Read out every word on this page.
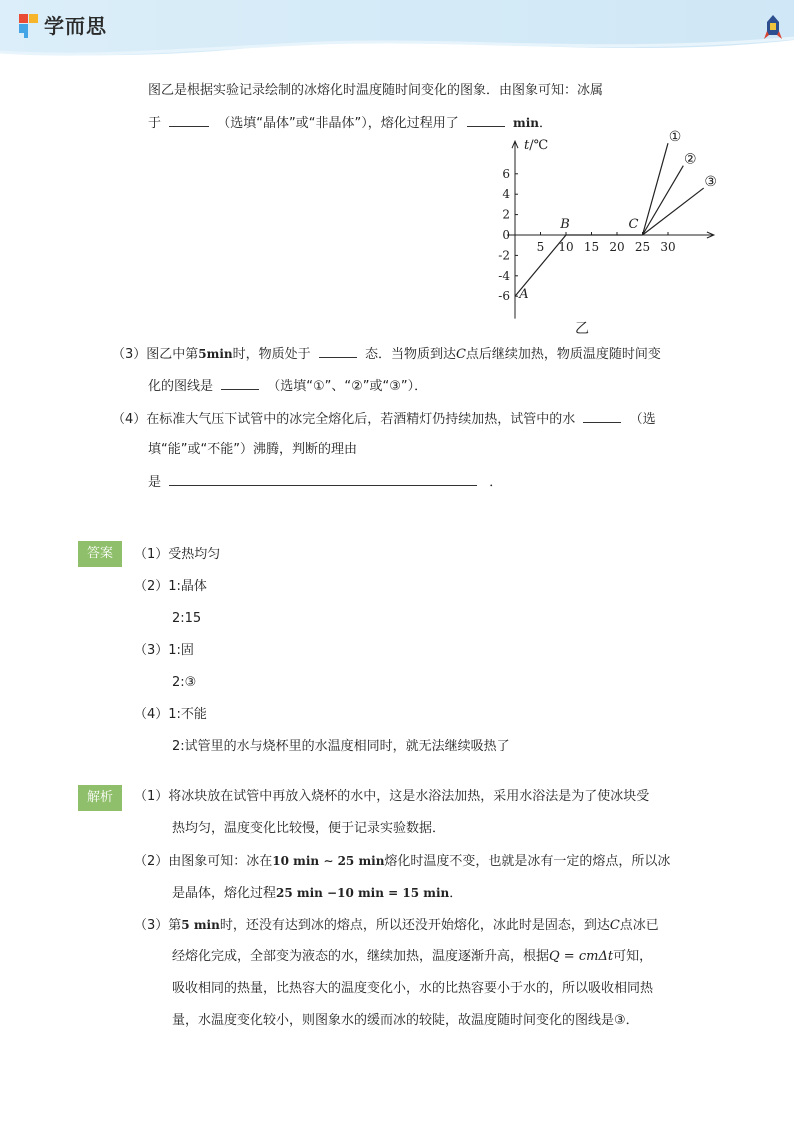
学而思
图乙是根据实验记录绘制的冰熔化时温度随时间变化的图象．由图象可知：冰属
于	（选填“晶体”或“非晶体”），熔化过程用了	min．
t/℃
5 10 15 20 25 30
6
4
2
0
-2
-4
-6
①
②
③
A
B	C
乙
（3）图乙中第5min时，物质处于	态．当物质到达C点后继续加热，物质温度随时间变
化的图线是	（选填“①”、“②”或“③”）．
（4）在标准大气压下试管中的冰完全熔化后，若酒精灯仍持续加热，试管中的水	（选
填“能”或“不能”）沸腾，判断的理由
是	．
答案	（1）受热均匀
（2）1:晶体
2:15
（3）1:固
2:③
（4）1:不能
2:试管里的水与烧杯里的水温度相同时，就无法继续吸热了
解析	（1）将冰块放在试管中再放入烧杯的水中，这是水浴法加热，采用水浴法是为了使冰块受
热均匀，温度变化比较慢，便于记录实验数据．
（2）由图象可知：冰在10 min ∼ 25 min熔化时温度不变，也就是冰有一定的熔点，所以冰
是晶体，熔化过程25 min −10 min = 15 min．
（3）第5 min时，还没有达到冰的熔点，所以还没开始熔化，冰此时是固态，到达C点冰已
经熔化完成，全部变为液态的水，继续加热，温度逐渐升高，根据Q = cmΔt可知，
吸收相同的热量，比热容大的温度变化小，水的比热容要小于水的，所以吸收相同热
量，水温度变化较小，则图象水的缓而冰的较陡，故温度随时间变化的图线是③．
